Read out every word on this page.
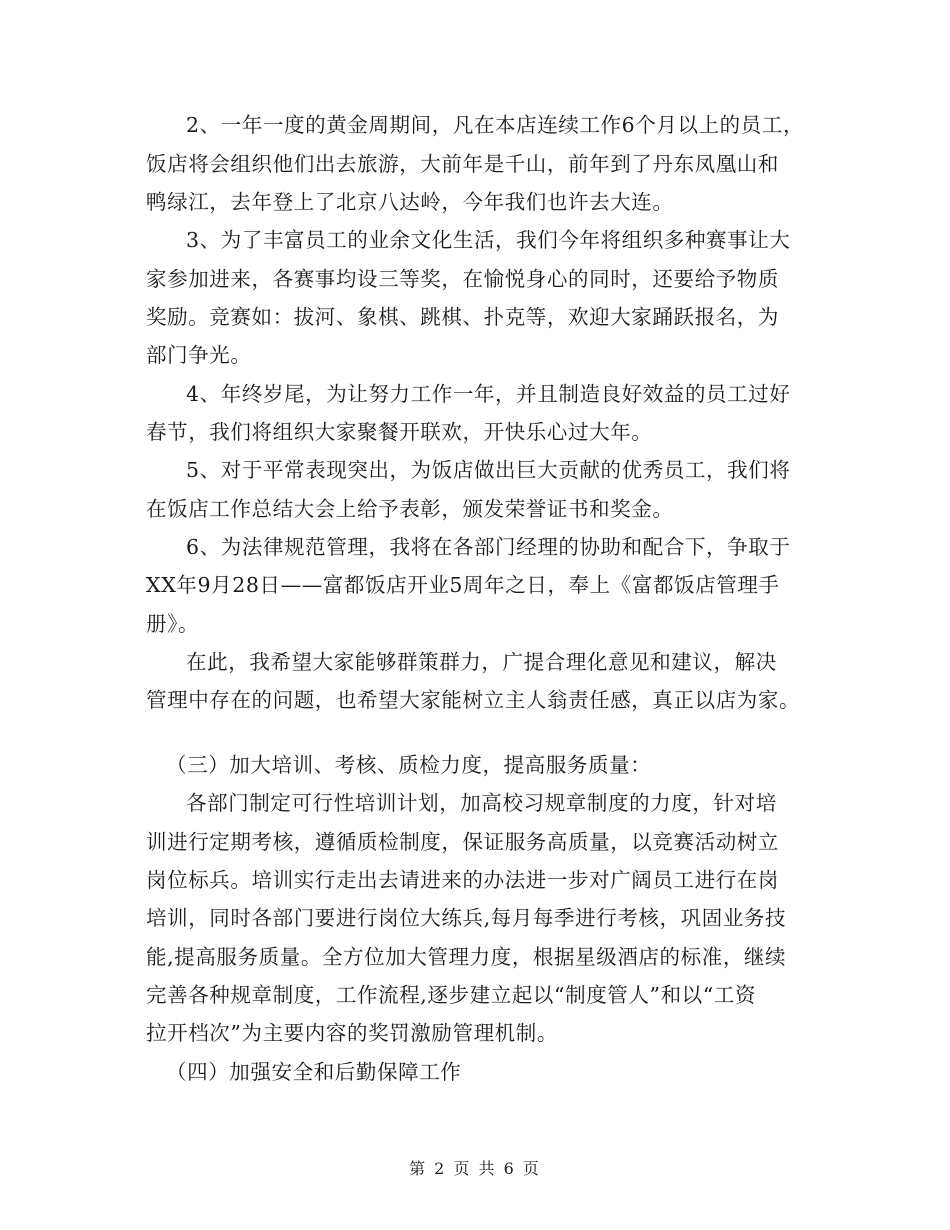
2、一年一度的黄金周期间，凡在本店连续工作6个月以上的员工，
饭店将会组织他们出去旅游，大前年是千山，前年到了丹东凤凰山和
鸭绿江，去年登上了北京八达岭，今年我们也许去大连。
3、为了丰富员工的业余文化生活，我们今年将组织多种赛事让大
家参加进来，各赛事均设三等奖，在愉悦身心的同时，还要给予物质
奖励。竞赛如：拔河、象棋、跳棋、扑克等，欢迎大家踊跃报名，为
部门争光。
4、年终岁尾，为让努力工作一年，并且制造良好效益的员工过好
春节，我们将组织大家聚餐开联欢，开快乐心过大年。
5、对于平常表现突出，为饭店做出巨大贡献的优秀员工，我们将
在饭店工作总结大会上给予表彰，颁发荣誉证书和奖金。
6、为法律规范管理，我将在各部门经理的协助和配合下，争取于
XX年9月28日——富都饭店开业5周年之日，奉上《富都饭店管理手
册》。
在此，我希望大家能够群策群力，广提合理化意见和建议，解决
管理中存在的问题，也希望大家能树立主人翁责任感，真正以店为家。
（三）加大培训、考核、质检力度，提高服务质量：
各部门制定可行性培训计划，加高校习规章制度的力度，针对培
训进行定期考核，遵循质检制度，保证服务高质量，以竞赛活动树立
岗位标兵。培训实行走出去请进来的办法进一步对广阔员工进行在岗
培训，同时各部门要进行岗位大练兵,每月每季进行考核，巩固业务技
能,提高服务质量。全方位加大管理力度，根据星级酒店的标准，继续
完善各种规章制度，工作流程,逐步建立起以“制度管人”和以“工资
拉开档次”为主要内容的奖罚激励管理机制。
（四）加强安全和后勤保障工作
第 2 页 共 6 页
